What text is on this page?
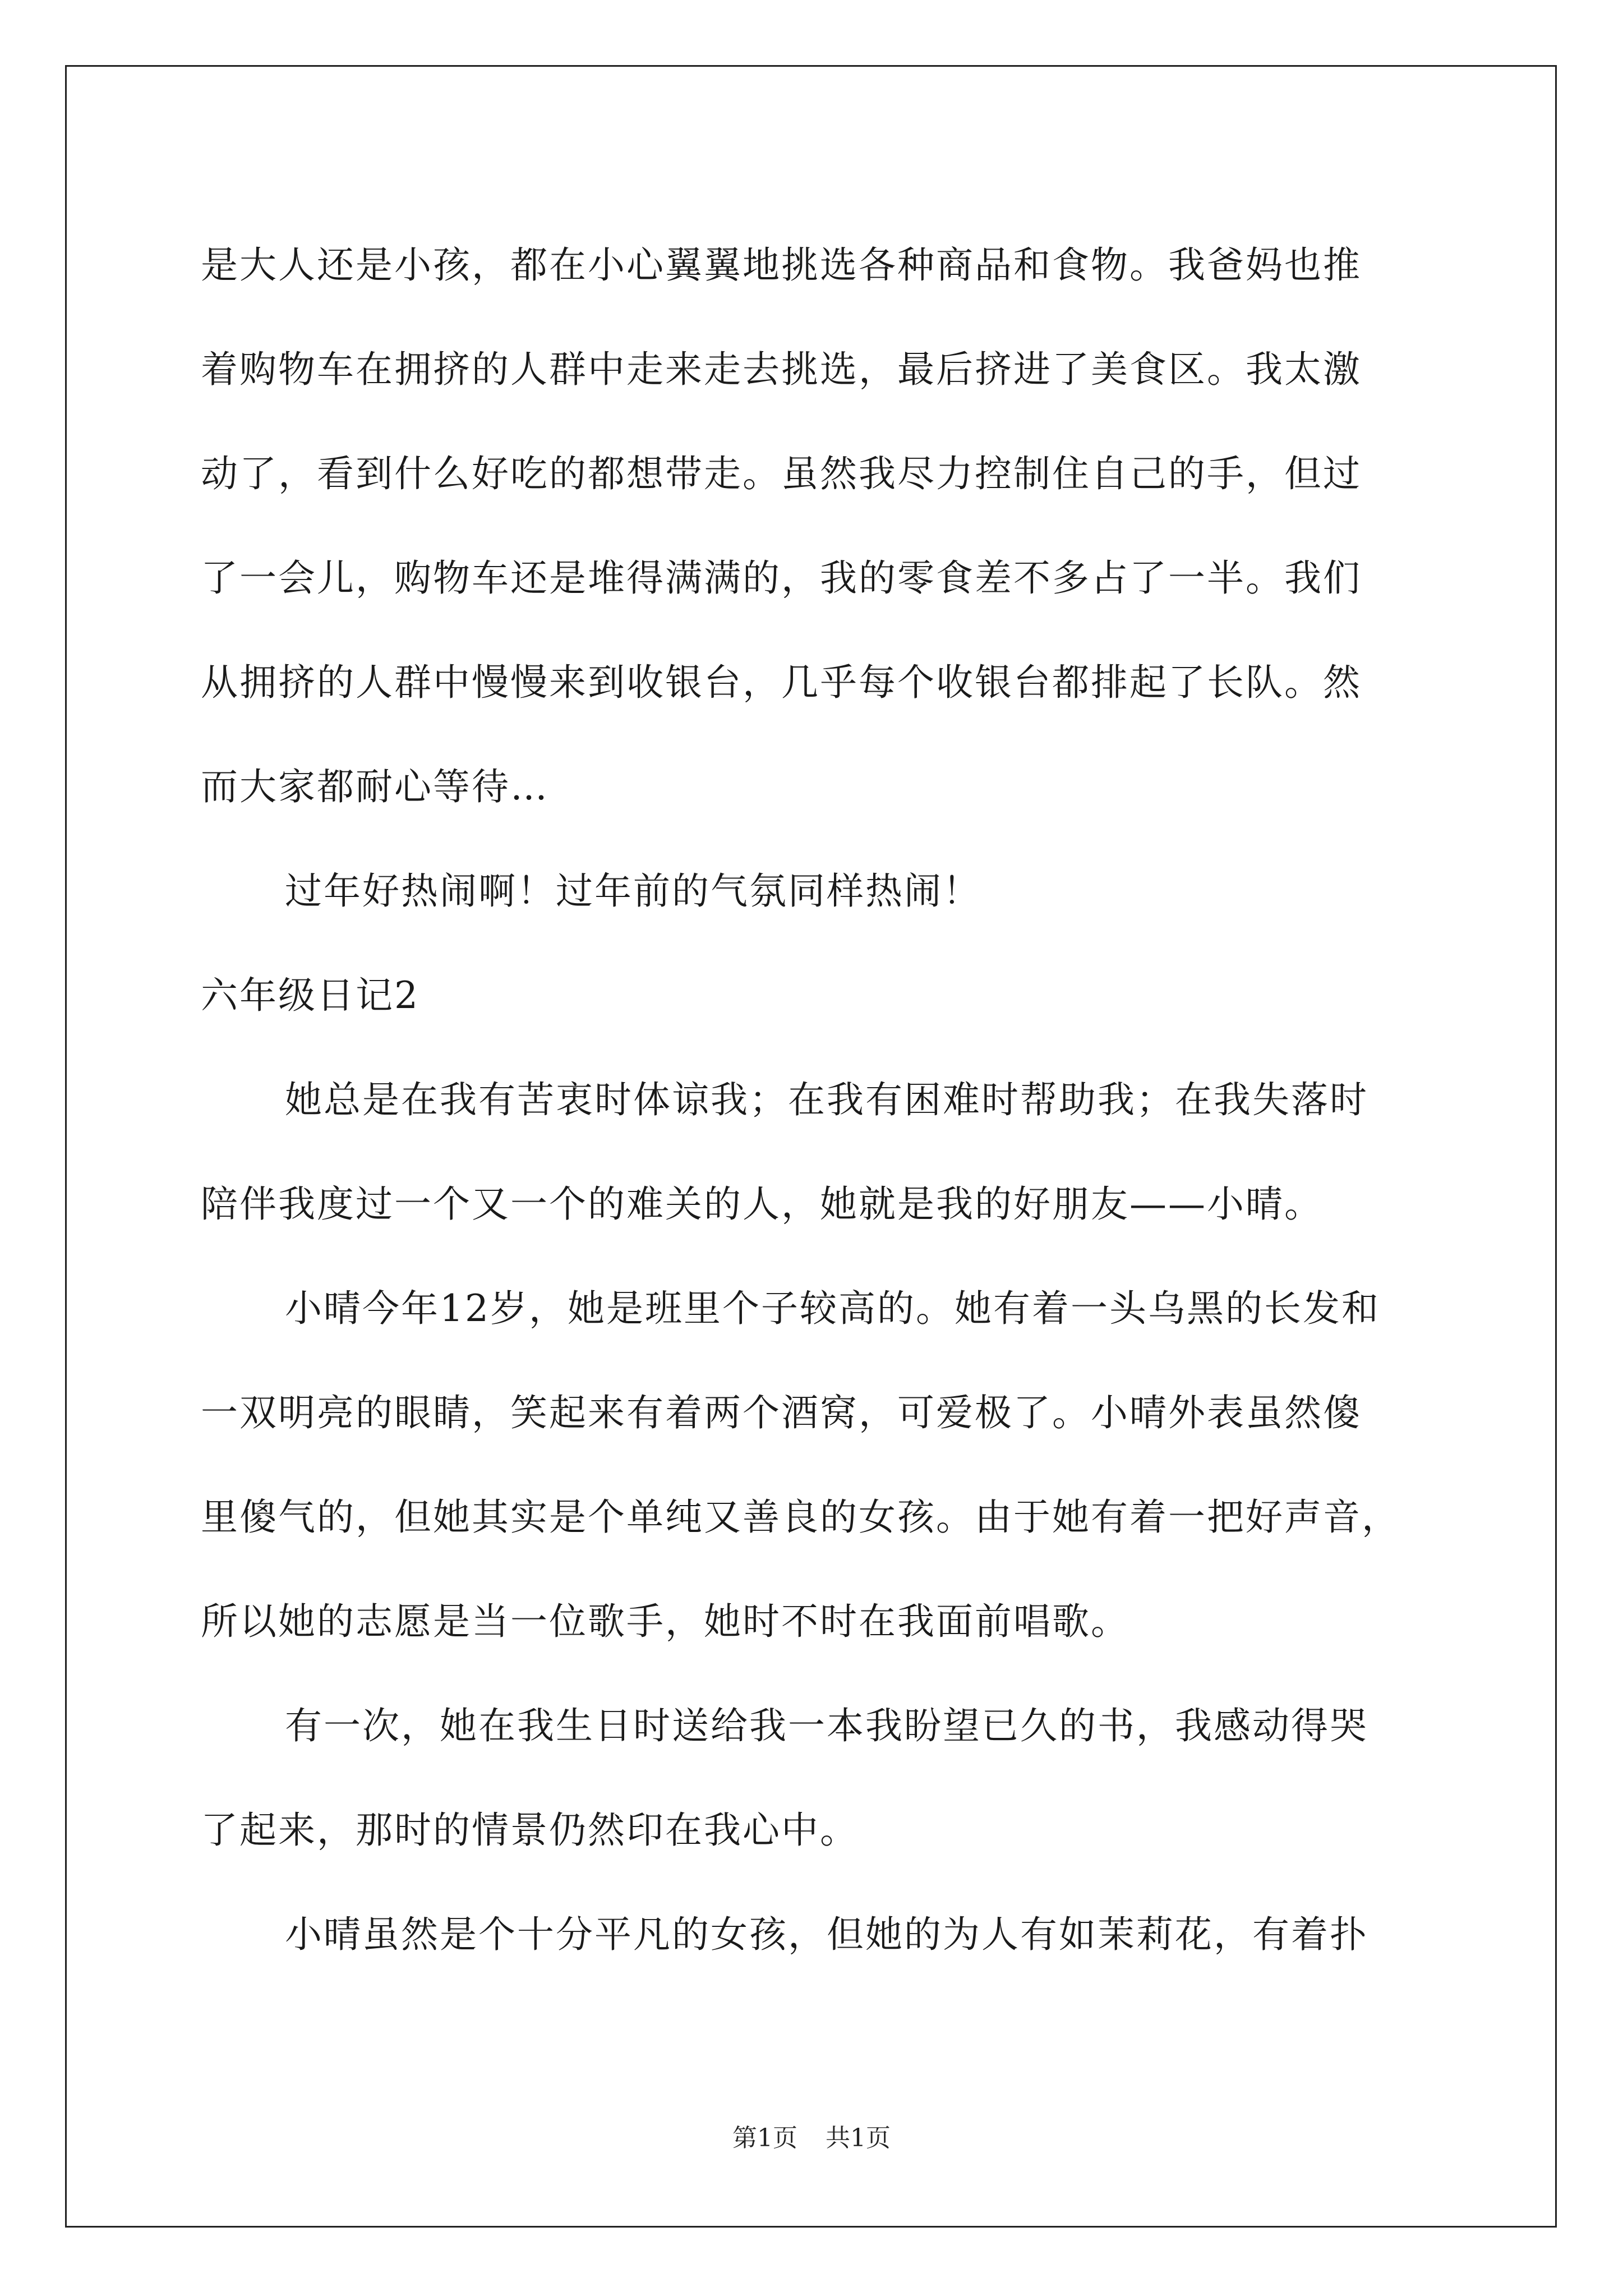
是大人还是小孩，都在小心翼翼地挑选各种商品和食物。我爸妈也推
着购物车在拥挤的人群中走来走去挑选，最后挤进了美食区。我太激
动了，看到什么好吃的都想带走。虽然我尽力控制住自己的手，但过
了一会儿，购物车还是堆得满满的，我的零食差不多占了一半。我们
从拥挤的人群中慢慢来到收银台，几乎每个收银台都排起了长队。然
而大家都耐心等待…
过年好热闹啊！过年前的气氛同样热闹！
六年级日记2
她总是在我有苦衷时体谅我；在我有困难时帮助我；在我失落时
陪伴我度过一个又一个的难关的人，她就是我的好朋友——小晴。
小晴今年12岁，她是班里个子较高的。她有着一头乌黑的长发和
一双明亮的眼睛，笑起来有着两个酒窝，可爱极了。小晴外表虽然傻
里傻气的，但她其实是个单纯又善良的女孩。由于她有着一把好声音，
所以她的志愿是当一位歌手，她时不时在我面前唱歌。
有一次，她在我生日时送给我一本我盼望已久的书，我感动得哭
了起来，那时的情景仍然印在我心中。
小晴虽然是个十分平凡的女孩，但她的为人有如茉莉花，有着扑
第1页 共1页
